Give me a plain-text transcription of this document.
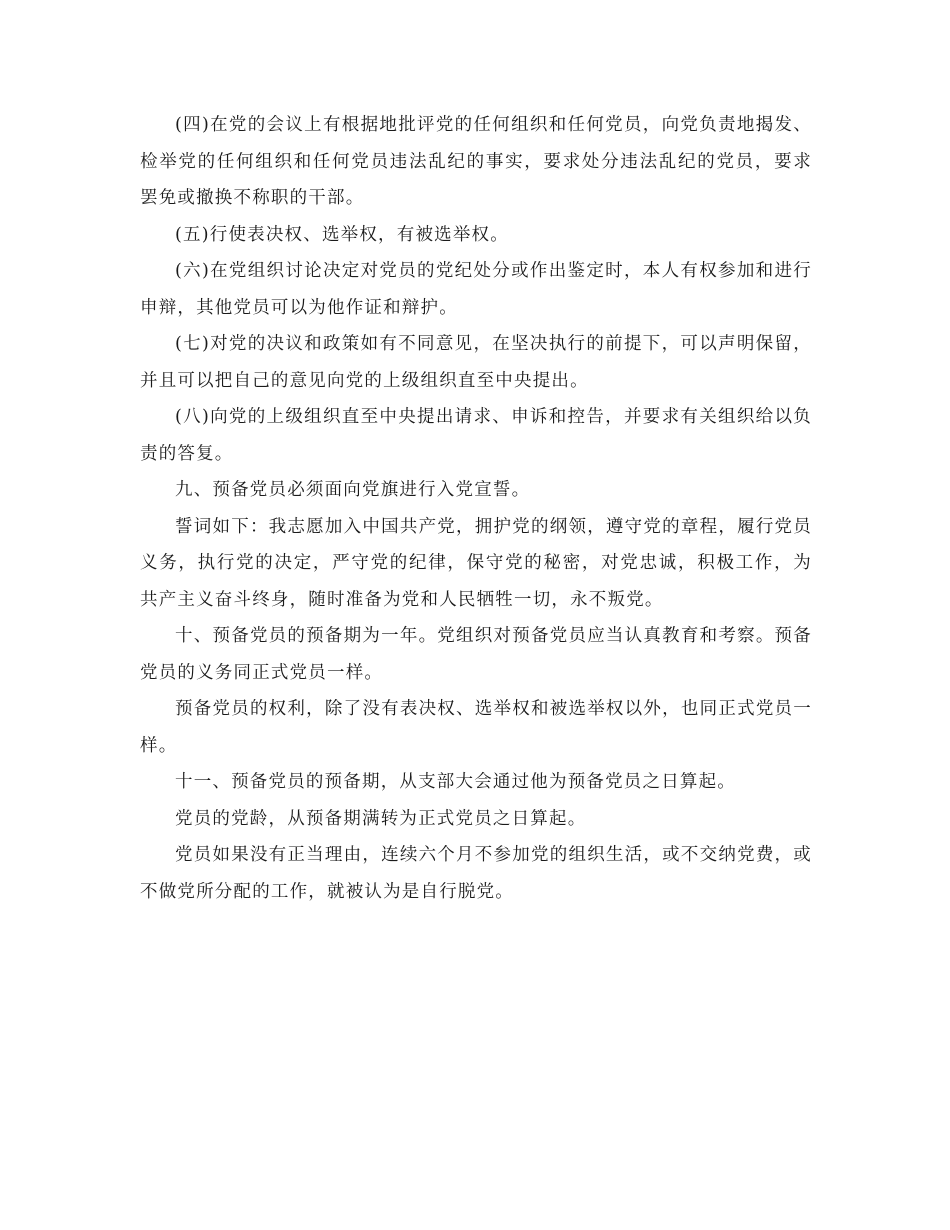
(四)在党的会议上有根据地批评党的任何组织和任何党员，向党负责地揭发、检举党的任何组织和任何党员违法乱纪的事实，要求处分违法乱纪的党员，要求罢免或撤换不称职的干部。

(五)行使表决权、选举权，有被选举权。

(六)在党组织讨论决定对党员的党纪处分或作出鉴定时，本人有权参加和进行申辩，其他党员可以为他作证和辩护。

(七)对党的决议和政策如有不同意见，在坚决执行的前提下，可以声明保留，并且可以把自己的意见向党的上级组织直至中央提出。

(八)向党的上级组织直至中央提出请求、申诉和控告，并要求有关组织给以负责的答复。

九、预备党员必须面向党旗进行入党宣誓。

誓词如下：我志愿加入中国共产党，拥护党的纲领，遵守党的章程，履行党员义务，执行党的决定，严守党的纪律，保守党的秘密，对党忠诚，积极工作，为共产主义奋斗终身，随时准备为党和人民牺牲一切，永不叛党。

十、预备党员的预备期为一年。党组织对预备党员应当认真教育和考察。预备党员的义务同正式党员一样。

预备党员的权利，除了没有表决权、选举权和被选举权以外，也同正式党员一样。

十一、预备党员的预备期，从支部大会通过他为预备党员之日算起。

党员的党龄，从预备期满转为正式党员之日算起。

党员如果没有正当理由，连续六个月不参加党的组织生活，或不交纳党费，或不做党所分配的工作，就被认为是自行脱党。
